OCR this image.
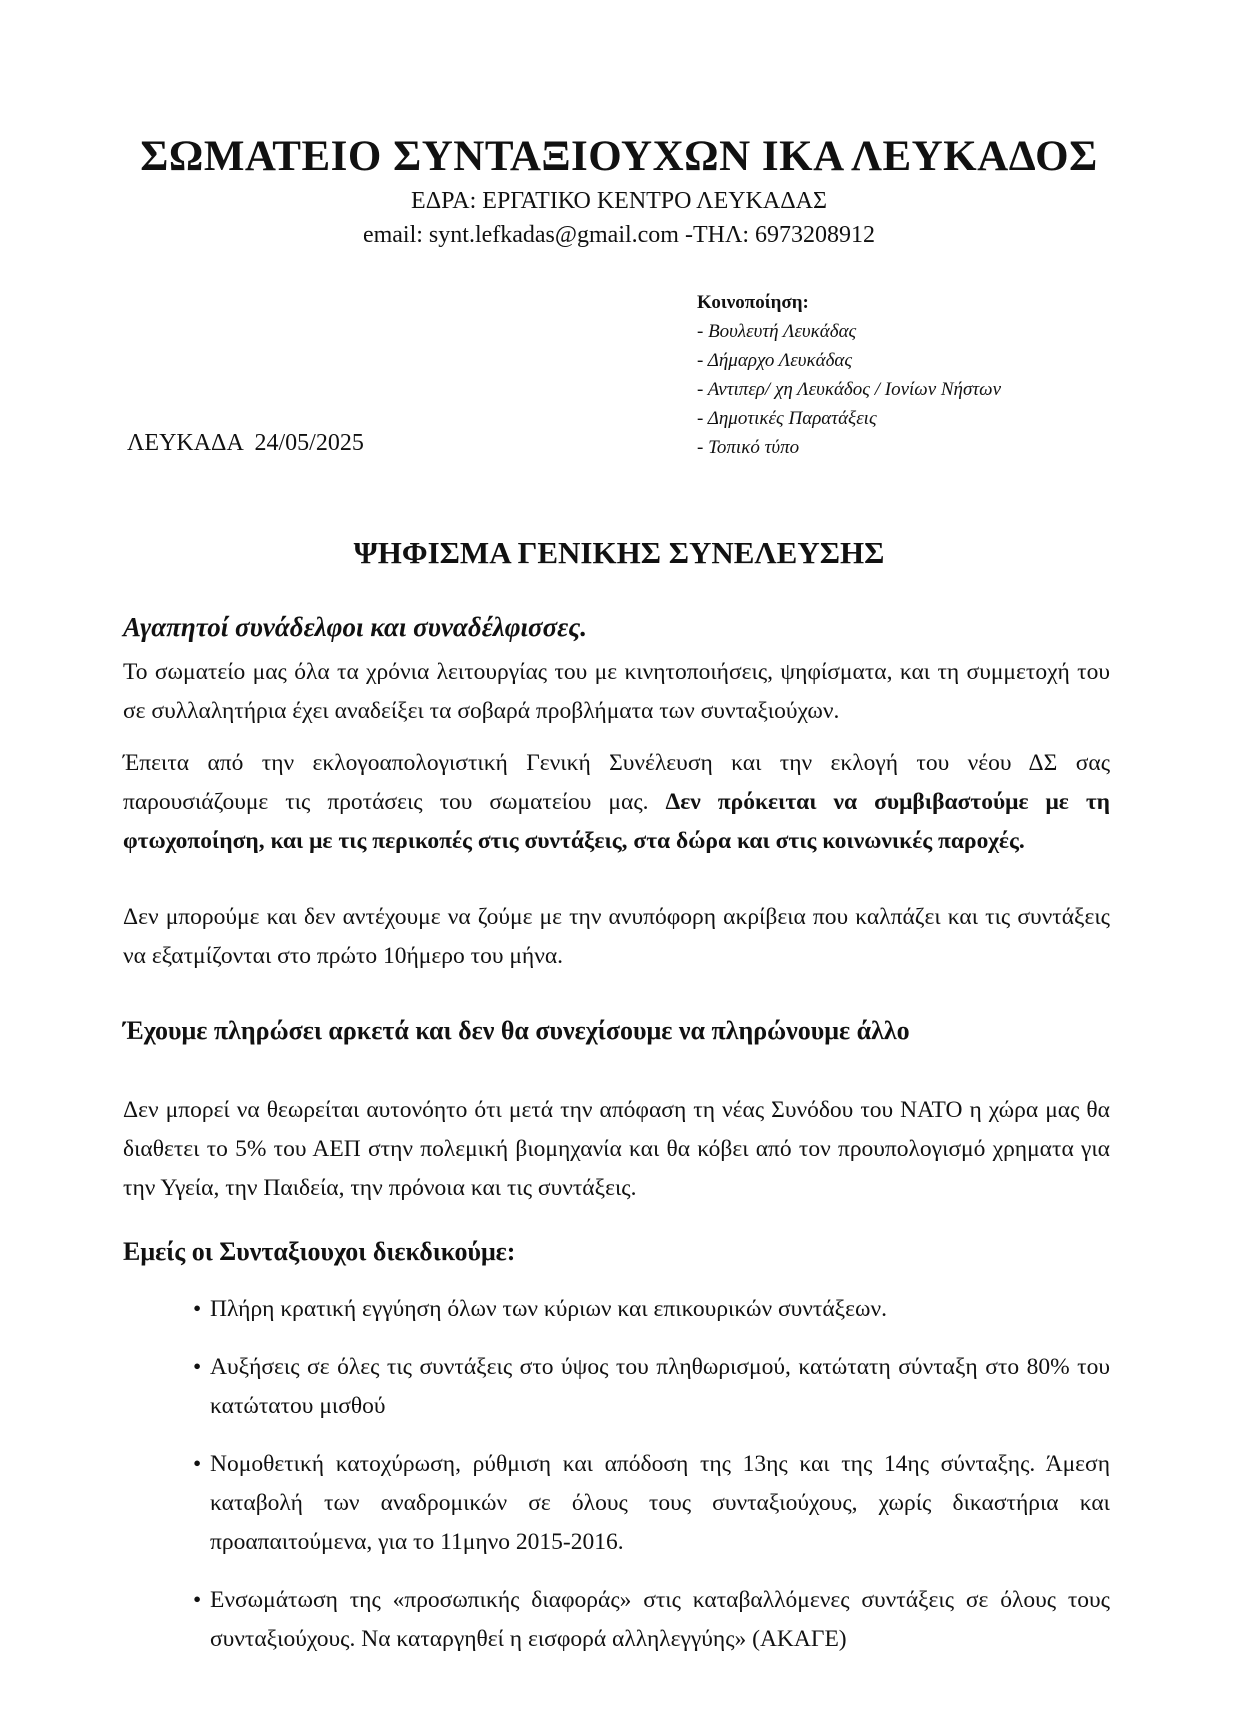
ΣΩΜΑΤΕΙΟ ΣΥΝΤΑΞΙΟΥΧΩΝ ΙΚΑ ΛΕΥΚΑΔΟΣ
ΕΔΡΑ: ΕΡΓΑΤΙΚΟ ΚΕΝΤΡΟ ΛΕΥΚΑΔΑΣ
email: synt.lefkadas@gmail.com -ΤΗΛ: 6973208912
Κοινοποίηση:
- Βουλευτή Λευκάδας
- Δήμαρχο Λευκάδας
- Αντιπερ/ χη Λευκάδος / Ιονίων Νήστων
- Δημοτικές Παρατάξεις
- Τοπικό τύπο
ΛΕΥΚΑΔΑ 24/05/2025
ΨΗΦΙΣΜΑ ΓΕΝΙΚΗΣ ΣΥΝΕΛΕΥΣΗΣ
Αγαπητοί συνάδελφοι και συναδέλφισσες.
Το σωματείο μας όλα τα χρόνια λειτουργίας του με κινητοποιήσεις, ψηφίσματα, και τη συμμετοχή του σε συλλαλητήρια έχει αναδείξει τα σοβαρά προβλήματα των συνταξιούχων.
Έπειτα από την εκλογοαπολογιστική Γενική Συνέλευση και την εκλογή του νέου ΔΣ σας παρουσιάζουμε τις προτάσεις του σωματείου μας. Δεν πρόκειται να συμβιβαστούμε με τη φτωχοποίηση, και με τις περικοπές στις συντάξεις, στα δώρα και στις κοινωνικές παροχές.
Δεν μπορούμε και δεν αντέχουμε να ζούμε με την ανυπόφορη ακρίβεια που καλπάζει και τις συντάξεις να εξατμίζονται στο πρώτο 10ήμερο του μήνα.
Έχουμε πληρώσει αρκετά και δεν θα συνεχίσουμε να πληρώνουμε άλλο
Δεν μπορεί να θεωρείται αυτονόητο ότι μετά την απόφαση τη νέας Συνόδου του ΝΑΤΟ η χώρα μας θα διαθετει το 5% του ΑΕΠ στην πολεμική βιομηχανία και θα κόβει από τον προυπολογισμό χρηματα για την Υγεία, την Παιδεία, την πρόνοια και τις συντάξεις.
Εμείς οι Συνταξιουχοι διεκδικούμε:
• Πλήρη κρατική εγγύηση όλων των κύριων και επικουρικών συντάξεων.
• Αυξήσεις σε όλες τις συντάξεις στο ύψος του πληθωρισμού, κατώτατη σύνταξη στο 80% του κατώτατου μισθού
• Νομοθετική κατοχύρωση, ρύθμιση και απόδοση της 13ης και της 14ης σύνταξης. Άμεση καταβολή των αναδρομικών σε όλους τους συνταξιούχους, χωρίς δικαστήρια και προαπαιτούμενα, για το 11μηνο 2015-2016.
• Ενσωμάτωση της «προσωπικής διαφοράς» στις καταβαλλόμενες συντάξεις σε όλους τους συνταξιούχους. Να καταργηθεί η εισφορά αλληλεγγύης» (ΑΚΑΓΕ)
